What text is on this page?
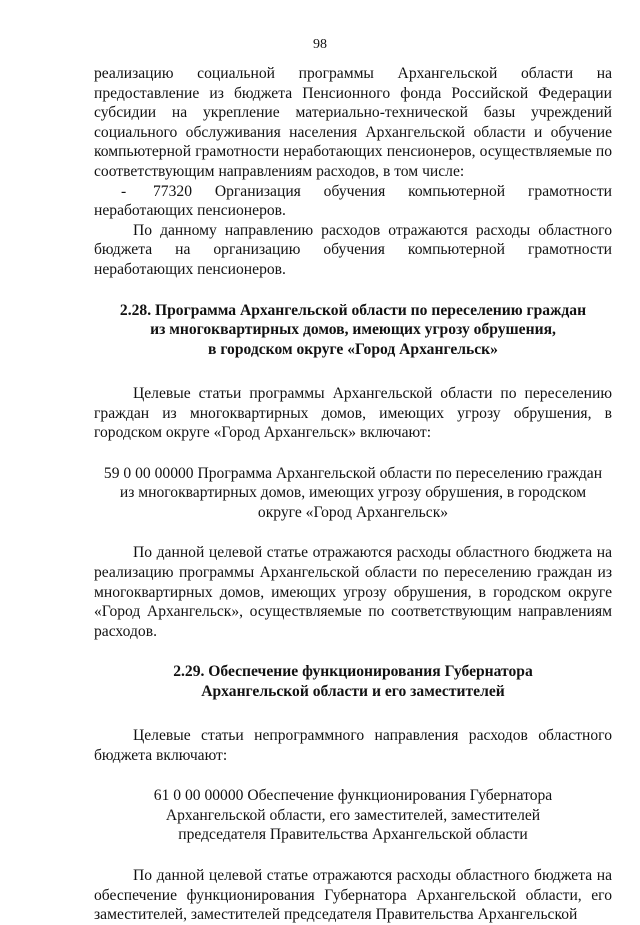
98

реализацию социальной программы Архангельской области на предоставление из бюджета Пенсионного фонда Российской Федерации субсидии на укрепление материально-технической базы учреждений социального обслуживания населения Архангельской области и обучение компьютерной грамотности неработающих пенсионеров, осуществляемые по соответствующим направлениям расходов, в том числе:

- 77320 Организация обучения компьютерной грамотности неработающих пенсионеров.

По данному направлению расходов отражаются расходы областного бюджета на организацию обучения компьютерной грамотности неработающих пенсионеров.

2.28. Программа Архангельской области по переселению граждан
из многоквартирных домов, имеющих угрозу обрушения,
в городском округе «Город Архангельск»

Целевые статьи программы Архангельской области по переселению граждан из многоквартирных домов, имеющих угрозу обрушения, в городском округе «Город Архангельск» включают:

59 0 00 00000 Программа Архангельской области по переселению граждан
из многоквартирных домов, имеющих угрозу обрушения, в городском
округе «Город Архангельск»

По данной целевой статье отражаются расходы областного бюджета на реализацию программы Архангельской области по переселению граждан из многоквартирных домов, имеющих угрозу обрушения, в городском округе «Город Архангельск», осуществляемые по соответствующим направлениям расходов.

2.29. Обеспечение функционирования Губернатора
Архангельской области и его заместителей

Целевые статьи непрограммного направления расходов областного бюджета включают:

61 0 00 00000 Обеспечение функционирования Губернатора
Архангельской области, его заместителей, заместителей
председателя Правительства Архангельской области

По данной целевой статье отражаются расходы областного бюджета на обеспечение функционирования Губернатора Архангельской области, его заместителей, заместителей председателя Правительства Архангельской
